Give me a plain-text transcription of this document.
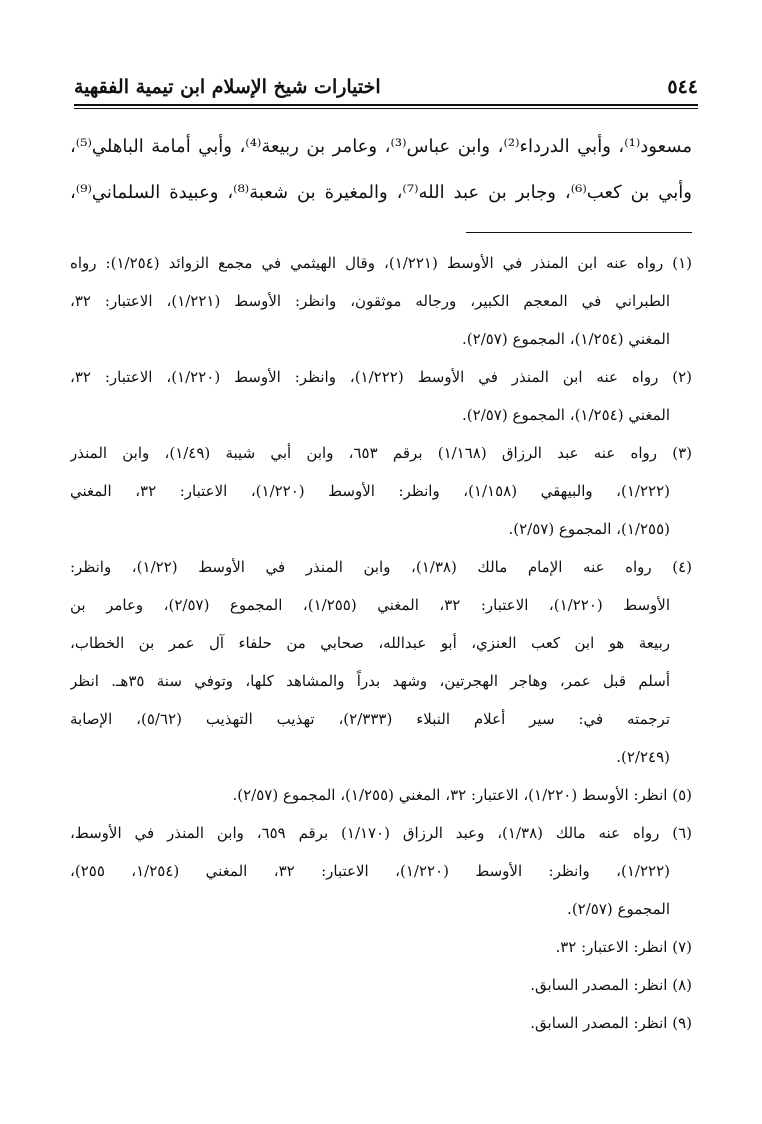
٥٤٤
اختيارات شيخ الإسلام ابن تيمية الفقهية

مسعود⁽¹⁾، وأبي الدرداء⁽²⁾، وابن عباس⁽³⁾، وعامر بن ربيعة⁽⁴⁾، وأبي أمامة الباهلي⁽⁵⁾،

وأبي بن كعب⁽⁶⁾، وجابر بن عبد الله⁽⁷⁾، والمغيرة بن شعبة⁽⁸⁾، وعبيدة السلماني⁽⁹⁾،

(١) رواه عنه ابن المنذر في الأوسط (١/٢٢١)، وقال الهيثمي في مجمع الزوائد (١/٢٥٤): رواه
الطبراني في المعجم الكبير، ورجاله موثقون، وانظر: الأوسط (١/٢٢١)، الاعتبار: ٣٢،
المغني (١/٢٥٤)، المجموع (٢/٥٧).
(٢) رواه عنه ابن المنذر في الأوسط (١/٢٢٢)، وانظر: الأوسط (١/٢٢٠)، الاعتبار: ٣٢،
المغني (١/٢٥٤)، المجموع (٢/٥٧).
(٣) رواه عنه عبد الرزاق (١/١٦٨) برقم ٦٥٣، وابن أبي شيبة (١/٤٩)، وابن المنذر
(١/٢٢٢)، والبيهقي (١/١٥٨)، وانظر: الأوسط (١/٢٢٠)، الاعتبار: ٣٢، المغني
(١/٢٥٥)، المجموع (٢/٥٧).
(٤) رواه عنه الإمام مالك (١/٣٨)، وابن المنذر في الأوسط (١/٢٢)، وانظر:
الأوسط (١/٢٢٠)، الاعتبار: ٣٢، المغني (١/٢٥٥)، المجموع (٢/٥٧)، وعامر بن
ربيعة هو ابن كعب العنزي، أبو عبدالله، صحابي من حلفاء آل عمر بن الخطاب،
أسلم قبل عمر، وهاجر الهجرتين، وشهد بدراً والمشاهد كلها، وتوفي سنة ٣٥هـ. انظر
ترجمته في: سير أعلام النبلاء (٢/٣٣٣)، تهذيب التهذيب (٥/٦٢)، الإصابة
(٢/٢٤٩).
(٥) انظر: الأوسط (١/٢٢٠)، الاعتبار: ٣٢، المغني (١/٢٥٥)، المجموع (٢/٥٧).
(٦) رواه عنه مالك (١/٣٨)، وعبد الرزاق (١/١٧٠) برقم ٦٥٩، وابن المنذر في الأوسط،
(١/٢٢٢)، وانظر: الأوسط (١/٢٢٠)، الاعتبار: ٣٢، المغني (١/٢٥٤، ٢٥٥)،
المجموع (٢/٥٧).
(٧) انظر: الاعتبار: ٣٢.
(٨) انظر: المصدر السابق.
(٩) انظر: المصدر السابق.
